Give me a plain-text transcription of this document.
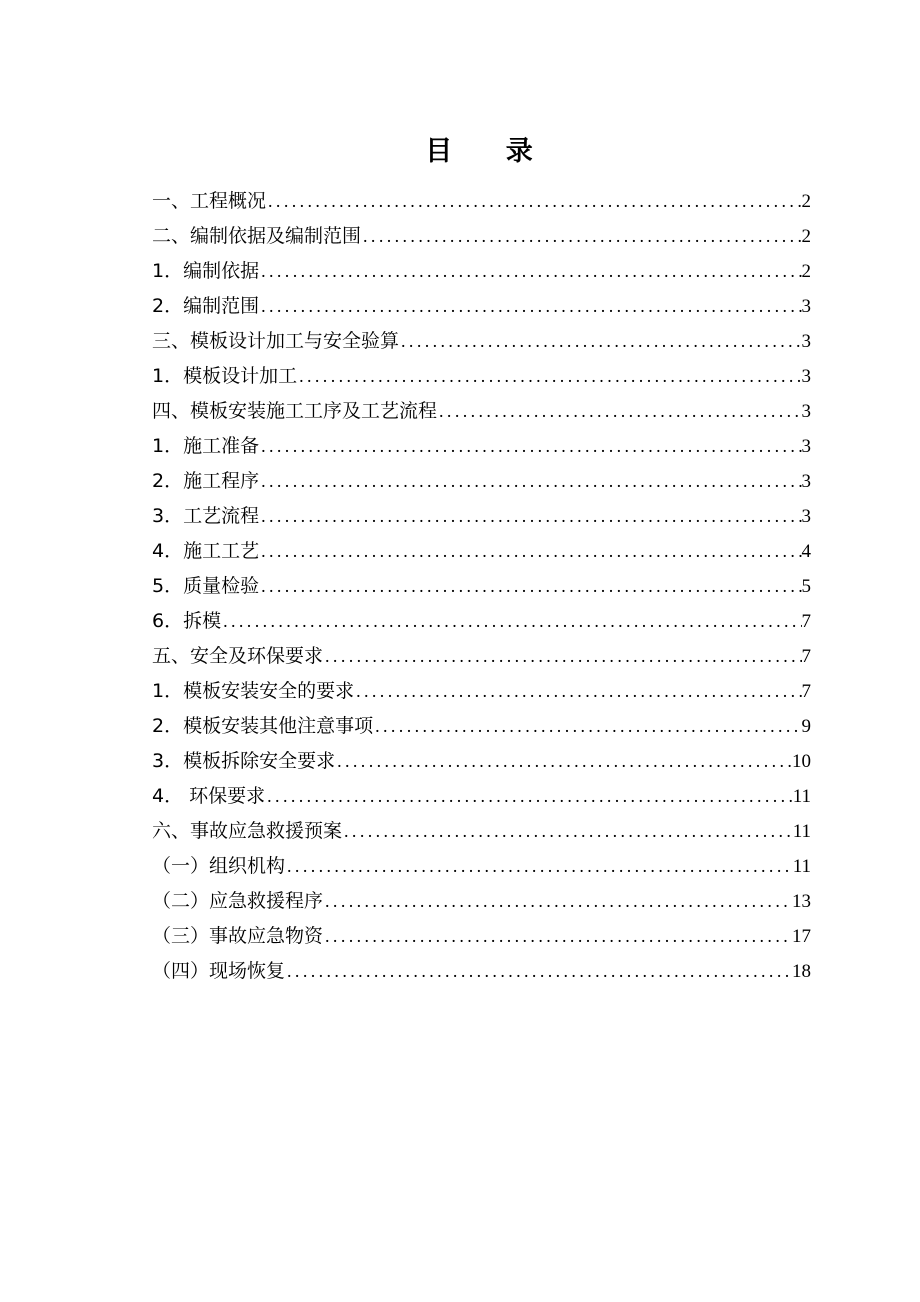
目 录
一、工程概况 .....	2
二、编制依据及编制范围 .....	2
1．编制依据 .....	2
2．编制范围 .....	3
三、模板设计加工与安全验算 .....	3
1．模板设计加工 .....	3
四、模板安装施工工序及工艺流程 .....	3
1．施工准备 .....	3
2．施工程序 .....	3
3．工艺流程 .....	3
4．施工工艺 .....	4
5．质量检验 .....	5
6．拆模 .....	7
五、安全及环保要求 .....	7
1．模板安装安全的要求 .....	7
2．模板安装其他注意事项 .....	9
3．模板拆除安全要求 .....	10
4． 环保要求 .....	11
六、事故应急救援预案 .....	11
（一）组织机构 .....	11
（二）应急救援程序 .....	13
（三）事故应急物资 .....	17
（四）现场恢复 .....	18
